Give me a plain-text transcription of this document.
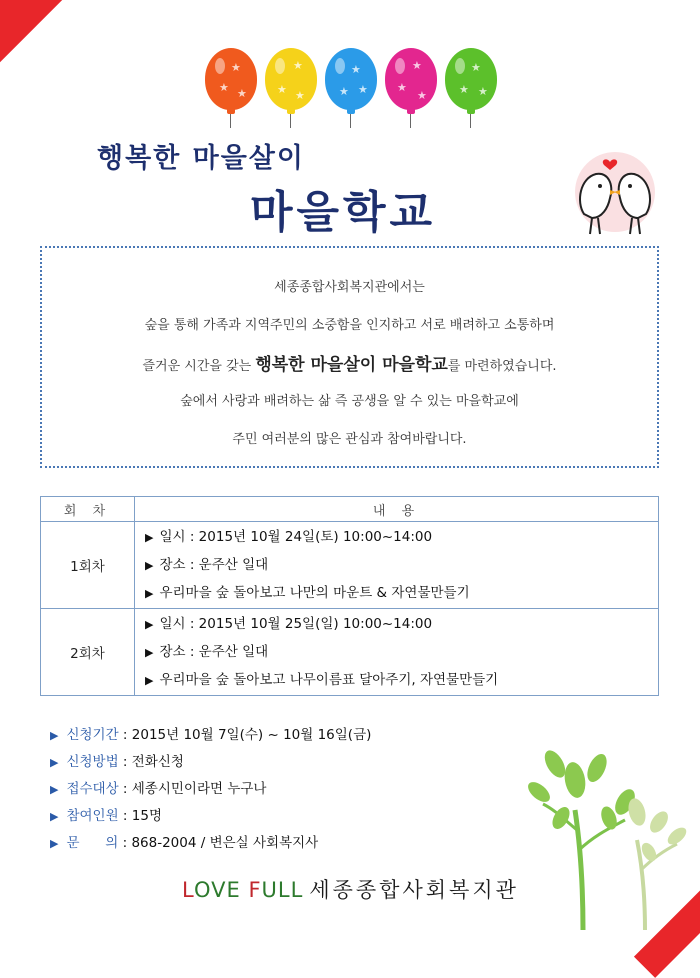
★
★ ★
★
★ ★
★
★ ★
★
★
★
★
★ ★
행복한 마을살이
마을학교
세종종합사회복지관에서는
숲을 통해 가족과 지역주민의 소중함을 인지하고 서로 배려하고 소통하며
즐거운 시간을 갖는 행복한 마을살이 마을학교를 마련하였습니다.
숲에서 사랑과 배려하는 삶 즉 공생을 알 수 있는 마을학교에
주민 여러분의 많은 관심과 참여바랍니다.
회 차	내 용
1회차	▶ 일시 : 2015년 10월 24일(토) 10:00~14:00
▶ 장소 : 운주산 일대
▶ 우리마을 숲 돌아보고 나만의 마운트 & 자연물만들기

2회차	▶ 일시 : 2015년 10월 25일(일) 10:00~14:00
▶ 장소 : 운주산 일대
▶ 우리마을 숲 돌아보고 나무이름표 달아주기, 자연물만들기
▶ 신청기간 : 2015년 10월 7일(수) ~ 10월 16일(금)
▶ 신청방법 : 전화신청
▶ 접수대상 : 세종시민이라면 누구나
▶ 참여인원 : 15명
▶ 문      의 : 868-2004 / 변은실 사회복지사
LOVE FULL 세종종합사회복지관
